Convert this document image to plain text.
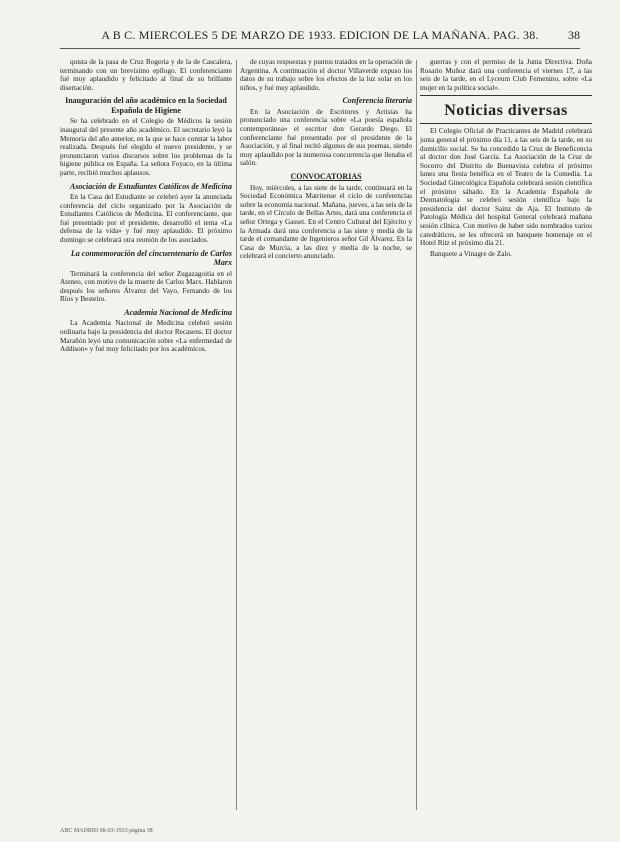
A B C. MIERCOLES 5 DE MARZO DE 1933. EDICION DE LA MAÑANA. PAG. 38.	38

quista de la pasa de Cruz Rogeria y de la de Cascalera, terminando con un brevísimo epílogo. El conferenciante fué muy aplaudido y felicitado al final de su brillante disertación.

Inauguración del año académico en la Sociedad Española de Higiene

Se ha celebrado en el Colegio de Médicos la sesión inaugural del presente año académico. El secretario leyó la Memoria del año anterior, en la que se hace constar la labor realizada. Después fué elegido el nuevo presidente, y se pronunciaron varios discursos sobre los problemas de la higiene pública en España. La señora Foyaco, en la última parte, recibió muchos aplausos.

Asociación de Estudiantes Católicos de Medicina

En la Casa del Estudiante se celebró ayer la anunciada conferencia del ciclo organizado por la Asociación de Estudiantes Católicos de Medicina. El conferenciante, que fué presentado por el presidente, desarrolló el tema «La defensa de la vida» y fué muy aplaudido. El próximo domingo se celebrará otra reunión de los asociados.

La conmemoración del cincuentenario de Carlos Marx

Terminará la conferencia del señor Zugazagoitia en el Ateneo, con motivo de la muerte de Carlos Marx. Hablaron después los señores Álvarez del Vayo, Fernando de los Ríos y Besteiro.

Academia Nacional de Medicina

La Academia Nacional de Medicina celebró sesión ordinaria bajo la presidencia del doctor Recasens. El doctor Marañón leyó una comunicación sobre «La enfermedad de Addison» y fué muy felicitado por los académicos.

de cuyas respuestas y puntos tratados en la operación de Argentina. A continuación el doctor Villaverde expuso los datos de su trabajo sobre los efectos de la luz solar en los niños, y fué muy aplaudido.

Conferencia literaria

En la Asociación de Escritores y Artistas ha pronunciado una conferencia sobre «La poesía española contemporánea» el escritor don Gerardo Diego. El conferenciante fué presentado por el presidente de la Asociación, y al final recitó algunos de sus poemas, siendo muy aplaudido por la numerosa concurrencia que llenaba el salón.

CONVOCATORIAS

Hoy, miércoles, a las siete de la tarde, continuará en la Sociedad Económica Matritense el ciclo de conferencias sobre la economía nacional. Mañana, jueves, a las seis de la tarde, en el Círculo de Bellas Artes, dará una conferencia el señor Ortega y Gasset. En el Centro Cultural del Ejército y la Armada dará una conferencia a las siete y media de la tarde el comandante de Ingenieros señor Gil Álvarez. En la Casa de Murcia, a las diez y media de la noche, se celebrará el concierto anunciado.

guerras y con el permiso de la Junta Directiva. Doña Rosario Muñoz dará una conferencia el viernes 17, a las seis de la tarde, en el Lyceum Club Femenino, sobre «La mujer en la política social».

Noticias diversas

El Colegio Oficial de Practicantes de Madrid celebrará junta general el próximo día 11, a las seis de la tarde, en su domicilio social. Se ha concedido la Cruz de Beneficencia al doctor don José García. La Asociación de la Cruz de Socorro del Distrito de Buenavista celebra el próximo lunes una fiesta benéfica en el Teatro de la Comedia. La Sociedad Ginecológica Española celebrará sesión científica el próximo sábado. En la Academia Española de Dermatología se celebró sesión científica bajo la presidencia del doctor Sainz de Aja. El Instituto de Patología Médica del hospital General celebrará mañana sesión clínica. Con motivo de haber sido nombrados varios catedráticos, se les ofrecerá un banquete homenaje en el Hotel Ritz el próximo día 21.

Banquete a Vinagre de Zalo.

ABC MADRID 08-03-1933 página 38
